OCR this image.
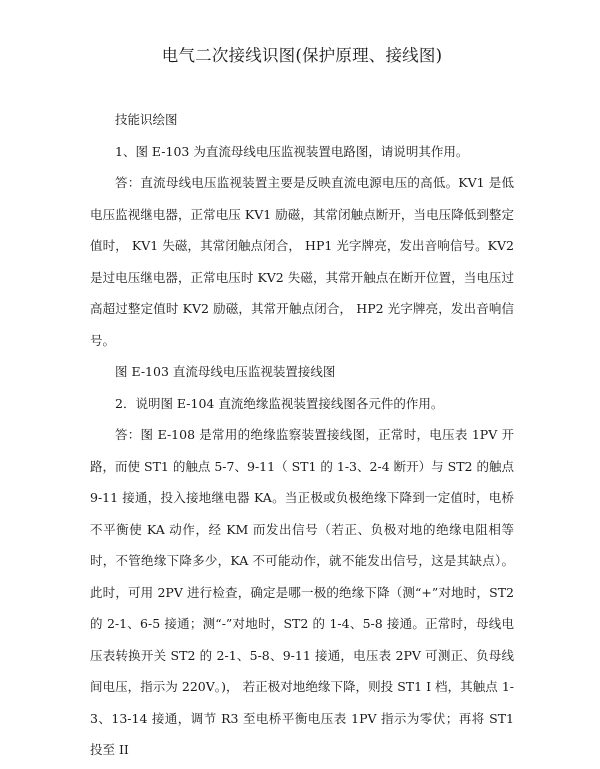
电气二次接线识图(保护原理、接线图)

技能识绘图

1、图 E-103 为直流母线电压监视装置电路图，请说明其作用。

答：直流母线电压监视装置主要是反映直流电源电压的高低。KV1 是低电压监视继电器，正常电压 KV1 励磁，其常闭触点断开，当电压降低到整定值时， KV1 失磁，其常闭触点闭合， HP1 光字牌亮，发出音响信号。KV2 是过电压继电器，正常电压时 KV2 失磁，其常开触点在断开位置，当电压过高超过整定值时 KV2 励磁，其常开触点闭合， HP2 光字牌亮，发出音响信号。

图 E-103 直流母线电压监视装置接线图

2．说明图 E-104 直流绝缘监视装置接线图各元件的作用。

答：图 E-108 是常用的绝缘监察装置接线图，正常时，电压表 1PV 开路，而使 ST1 的触点 5-7、9-11（ ST1 的 1-3、2-4 断开）与 ST2 的触点 9-11 接通，投入接地继电器 KA。当正极或负极绝缘下降到一定值时，电桥不平衡使 KA 动作，经 KM 而发出信号（若正、负极对地的绝缘电阻相等时，不管绝缘下降多少，KA 不可能动作，就不能发出信号，这是其缺点）。此时，可用 2PV 进行检查，确定是哪一极的绝缘下降（测“+”对地时，ST2 的 2-1、6-5 接通；测“-”对地时，ST2 的 1-4、5-8 接通。正常时，母线电压表转换开关 ST2 的 2-1、5-8、9-11 接通，电压表 2PV 可测正、负母线间电压，指示为 220V。)， 若正极对地绝缘下降，则投 ST1 I 档，其触点 1-3、13-14 接通，调节 R3 至电桥平衡电压表 1PV 指示为零伏；再将 ST1 投至 II
